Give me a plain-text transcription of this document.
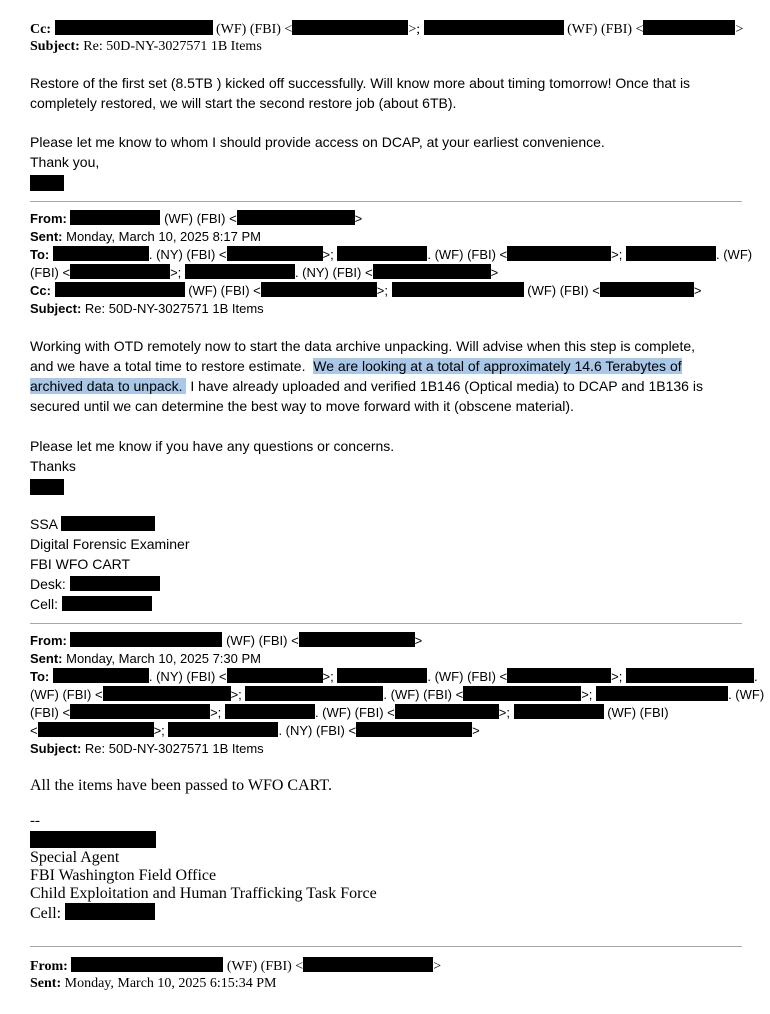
Cc:	(WF) (FBI) <	>;	(WF) (FBI) <	>
Subject: Re: 50D-NY-3027571 1B Items
Restore of the first set (8.5TB ) kicked off successfully. Will know more about timing tomorrow! Once that is
completely restored, we will start the second restore job (about 6TB).
Please let me know to whom I should provide access on DCAP, at your earliest convenience.
Thank you,
From:	(WF) (FBI) <	>
Sent: Monday, March 10, 2025 8:17 PM
To:	. (NY) (FBI) <	>;	. (WF) (FBI) <	>;	. (WF)
(FBI) <	>;	. (NY) (FBI) <	>
Cc:	(WF) (FBI) <	>;	(WF) (FBI) <	>
Subject: Re: 50D-NY-3027571 1B Items
Working with OTD remotely now to start the data archive unpacking. Will advise when this step is complete,
and we have a total time to restore estimate.  We are looking at a total of approximately 14.6 Terabytes of
archived data to unpack.  I have already uploaded and verified 1B146 (Optical media) to DCAP and 1B136 is
secured until we can determine the best way to move forward with it (obscene material).
Please let me know if you have any questions or concerns.
Thanks
SSA
Digital Forensic Examiner
FBI WFO CART
Desk:
Cell:
From:	(WF) (FBI) <	>
Sent: Monday, March 10, 2025 7:30 PM
To:	. (NY) (FBI) <	>;	. (WF) (FBI) <	>;	.
(WF) (FBI) <	>;	. (WF) (FBI) <	>;	. (WF)
(FBI) <	>;	. (WF) (FBI) <	>;	(WF) (FBI)
<	>;	. (NY) (FBI) <	>
Subject: Re: 50D-NY-3027571 1B Items
All the items have been passed to WFO CART.
--
Special Agent
FBI Washington Field Office
Child Exploitation and Human Trafficking Task Force
Cell:
From:	(WF) (FBI) <	>
Sent: Monday, March 10, 2025 6:15:34 PM
